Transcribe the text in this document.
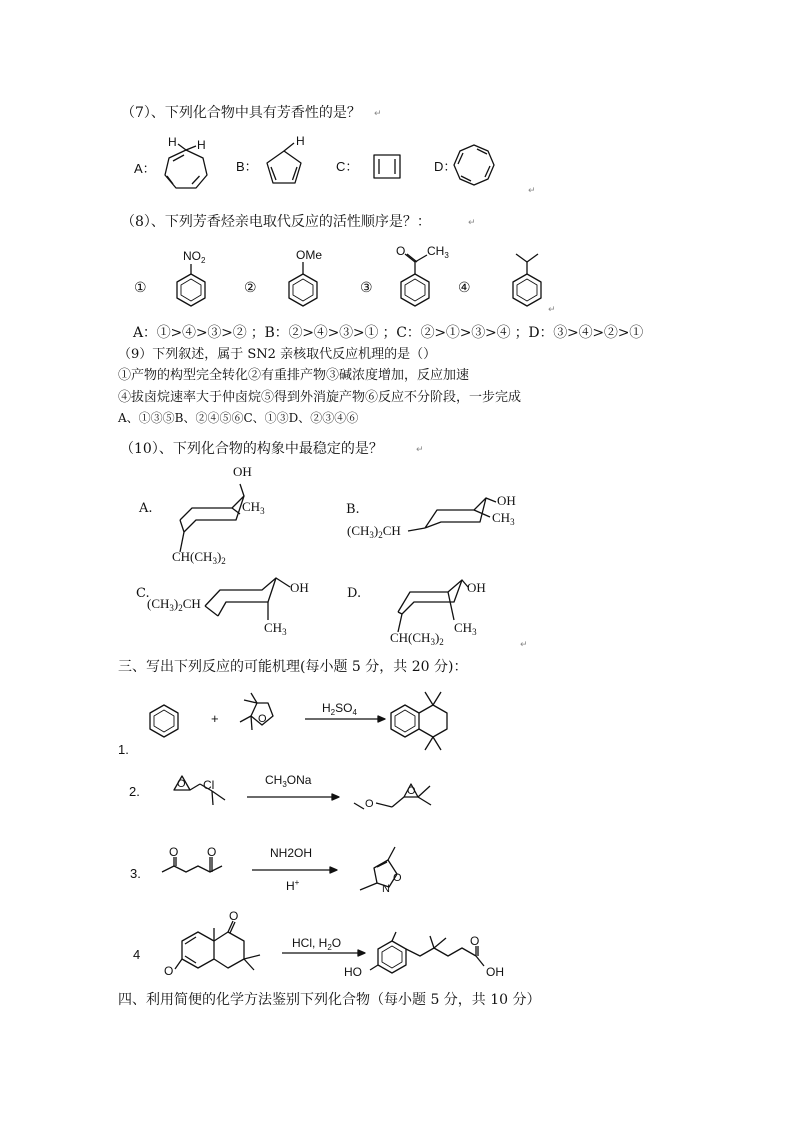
（7）、下列化合物中具有芳香性的是？ ↵
A：	B：	C：	D：
↵
（8）、下列芳香烃亲电取代反应的活性顺序是？：	↵
①	②	③	④
↵
A：①>④>③>② ；B：②>④>③>① ；C：②>①>③>④ ；D：③>④>②>①
（9）下列叙述，属于 SN2 亲核取代反应机理的是（）
①产物的构型完全转化②有重排产物③碱浓度增加，反应加速
④拔卤烷速率大于仲卤烷⑤得到外消旋产物⑥反应不分阶段，一步完成
A、①③⑤B、②④⑤⑥C、①③D、②③④⑥
（10）、下列化合物的构象中最稳定的是？	↵
A.	B.
C.	D.
↵
三、写出下列反应的可能机理(每小题 5 分，共 20 分)：
1.
+
2.
3.
4
四、利用简便的化学方法鉴别下列化合物（每小题 5 分，共 10 分）
H H	H
$NO_2$	OMe	O $CH_3$
OH
$CH_3$
$CH(CH_3)_2$
OH
$CH_3$
$(CH_3)_2CH$
OH
$CH_3$
$(CH_3)_2CH$
OH
$CH_3$
$CH(CH_3)_2$
O
$H_2SO_4$
O Cl	$CH_3ONa$
O
O
O O	NH2OH
H+	O
N
O
O
HCl, $H_2O$
HO
O
OH
